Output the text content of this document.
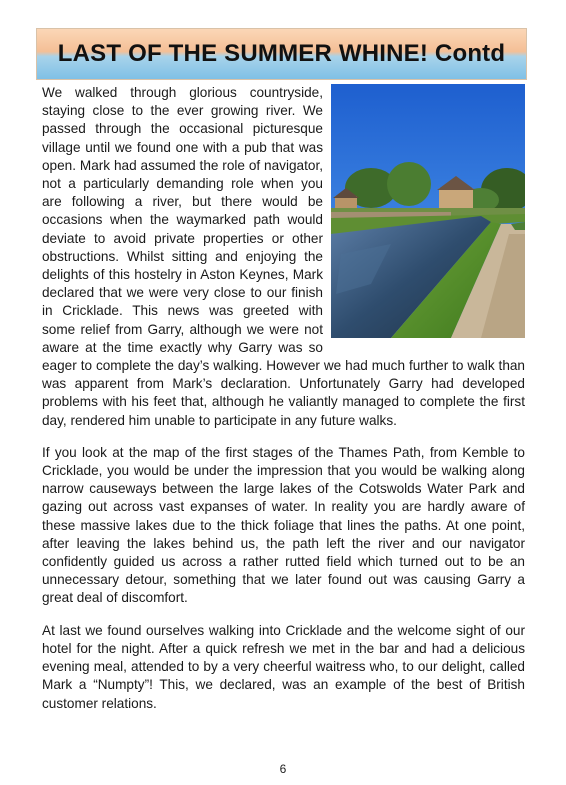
LAST OF THE SUMMER WHINE! Contd

We walked through glorious countryside, staying close to the ever growing river. We passed through the occasional picturesque village until we found one with a pub that was open. Mark had assumed the role of navigator, not a particularly demanding role when you are following a river, but there would be occasions when the waymarked path would deviate to avoid private properties or other obstructions. Whilst sitting and enjoying the delights of this hostelry in Aston Keynes, Mark declared that we were very close to our finish in Cricklade. This news was greeted with some relief from Garry, although we were not aware at the time exactly why Garry was so eager to complete the day’s walking. However we had much further to walk than was apparent from Mark’s declaration. Unfortunately Garry had developed problems with his feet that, although he valiantly managed to complete the first day, rendered him unable to participate in any future walks.

If you look at the map of the first stages of the Thames Path, from Kemble to Cricklade, you would be under the impression that you would be walking along narrow causeways between the large lakes of the Cotswolds Water Park and gazing out across vast expanses of water. In reality you are hardly aware of these massive lakes due to the thick foliage that lines the paths. At one point, after leaving the lakes behind us, the path left the river and our navigator confidently guided us across a rather rutted field which turned out to be an unnecessary detour, something that we later found out was causing Garry a great deal of discomfort.

At last we found ourselves walking into Cricklade and the welcome sight of our hotel for the night. After a quick refresh we met in the bar and had a delicious evening meal, attended to by a very cheerful waitress who, to our delight, called Mark a “Numpty”! This, we declared, was an example of the best of British customer relations.

6
